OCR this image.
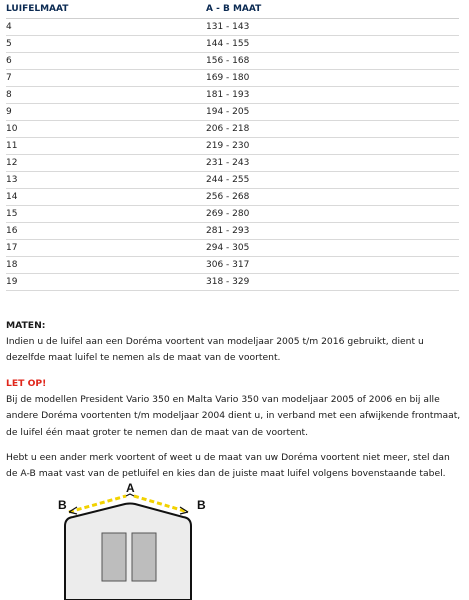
LUIFELMAAT	A - B MAAT
4	131 - 143
5	144 - 155
6	156 - 168
7	169 - 180
8	181 - 193
9	194 - 205
10	206 - 218
11	219 - 230
12	231 - 243
13	244 - 255
14	256 - 268
15	269 - 280
16	281 - 293
17	294 - 305
18	306 - 317
19	318 - 329
MATEN:
Indien u de luifel aan een Doréma voortent van modeljaar 2005 t/m 2016 gebruikt, dient u dezelfde maat luifel te nemen als de maat van de voortent.
LET OP!
Bij de modellen President Vario 350 en Malta Vario 350 van modeljaar 2005 of 2006 en bij alle andere Doréma voortenten t/m modeljaar 2004 dient u, in verband met een afwijkende frontmaat, de luifel één maat groter te nemen dan de maat van de voortent.
Hebt u een ander merk voortent of weet u de maat van uw Doréma voortent niet meer, stel dan de A-B maat vast van de petluifel en kies dan de juiste maat luifel volgens bovenstaande tabel.
A
B	B
